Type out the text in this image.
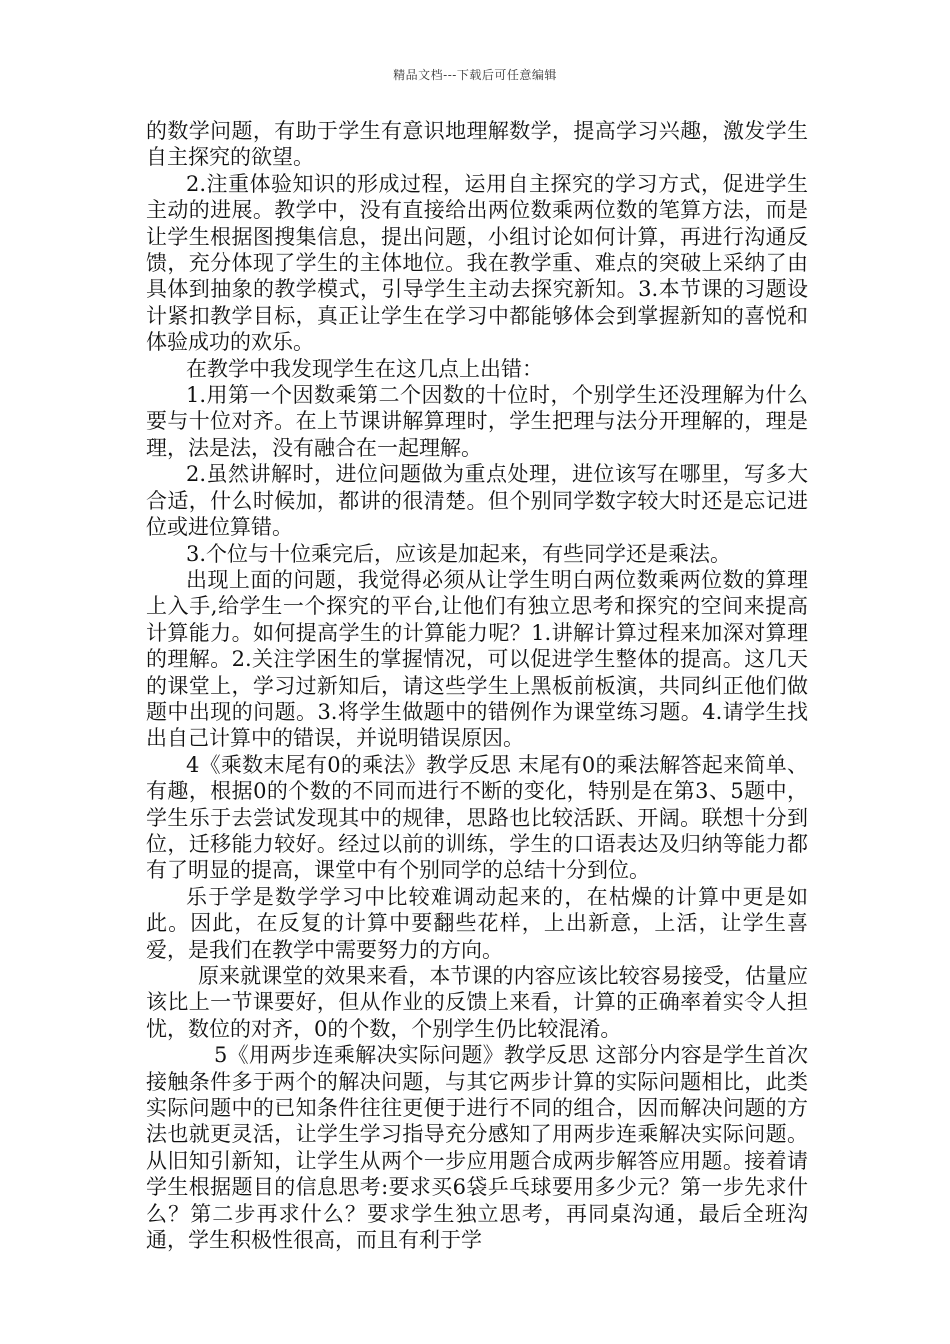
精品文档---下载后可任意编辑

的数学问题，有助于学生有意识地理解数学，提高学习兴趣，激发学生自主探究的欲望。

2.注重体验知识的形成过程，运用自主探究的学习方式，促进学生主动的进展。教学中，没有直接给出两位数乘两位数的笔算方法，而是让学生根据图搜集信息，提出问题，小组讨论如何计算，再进行沟通反馈，充分体现了学生的主体地位。我在教学重、难点的突破上采纳了由具体到抽象的教学模式，引导学生主动去探究新知。3.本节课的习题设计紧扣教学目标，真正让学生在学习中都能够体会到掌握新知的喜悦和体验成功的欢乐。

在教学中我发现学生在这几点上出错：

1.用第一个因数乘第二个因数的十位时，个别学生还没理解为什么要与十位对齐。在上节课讲解算理时，学生把理与法分开理解的，理是理，法是法，没有融合在一起理解。

2.虽然讲解时，进位问题做为重点处理，进位该写在哪里，写多大合适，什么时候加，都讲的很清楚。但个别同学数字较大时还是忘记进位或进位算错。

3.个位与十位乘完后，应该是加起来，有些同学还是乘法。

出现上面的问题，我觉得必须从让学生明白两位数乘两位数的算理上入手,给学生一个探究的平台,让他们有独立思考和探究的空间来提高计算能力。如何提高学生的计算能力呢？1.讲解计算过程来加深对算理的理解。2.关注学困生的掌握情况，可以促进学生整体的提高。这几天的课堂上，学习过新知后，请这些学生上黑板前板演，共同纠正他们做题中出现的问题。3.将学生做题中的错例作为课堂练习题。4.请学生找出自己计算中的错误，并说明错误原因。

4《乘数末尾有0的乘法》教学反思 末尾有0的乘法解答起来简单、有趣，根据0的个数的不同而进行不断的变化，特别是在第3、5题中，学生乐于去尝试发现其中的规律，思路也比较活跃、开阔。联想十分到位，迁移能力较好。经过以前的训练，学生的口语表达及归纳等能力都有了明显的提高，课堂中有个别同学的总结十分到位。

乐于学是数学学习中比较难调动起来的，在枯燥的计算中更是如此。因此，在反复的计算中要翻些花样，上出新意，上活，让学生喜爱，是我们在教学中需要努力的方向。

原来就课堂的效果来看，本节课的内容应该比较容易接受，估量应该比上一节课要好，但从作业的反馈上来看，计算的正确率着实令人担忧，数位的对齐，0的个数，个别学生仍比较混淆。

5《用两步连乘解决实际问题》教学反思 这部分内容是学生首次接触条件多于两个的解决问题，与其它两步计算的实际问题相比，此类实际问题中的已知条件往往更便于进行不同的组合，因而解决问题的方法也就更灵活，让学生学习指导充分感知了用两步连乘解决实际问题。从旧知引新知，让学生从两个一步应用题合成两步解答应用题。接着请学生根据题目的信息思考:要求买6袋乒乓球要用多少元？第一步先求什么？第二步再求什么？要求学生独立思考，再同桌沟通，最后全班沟通，学生积极性很高，而且有利于学
